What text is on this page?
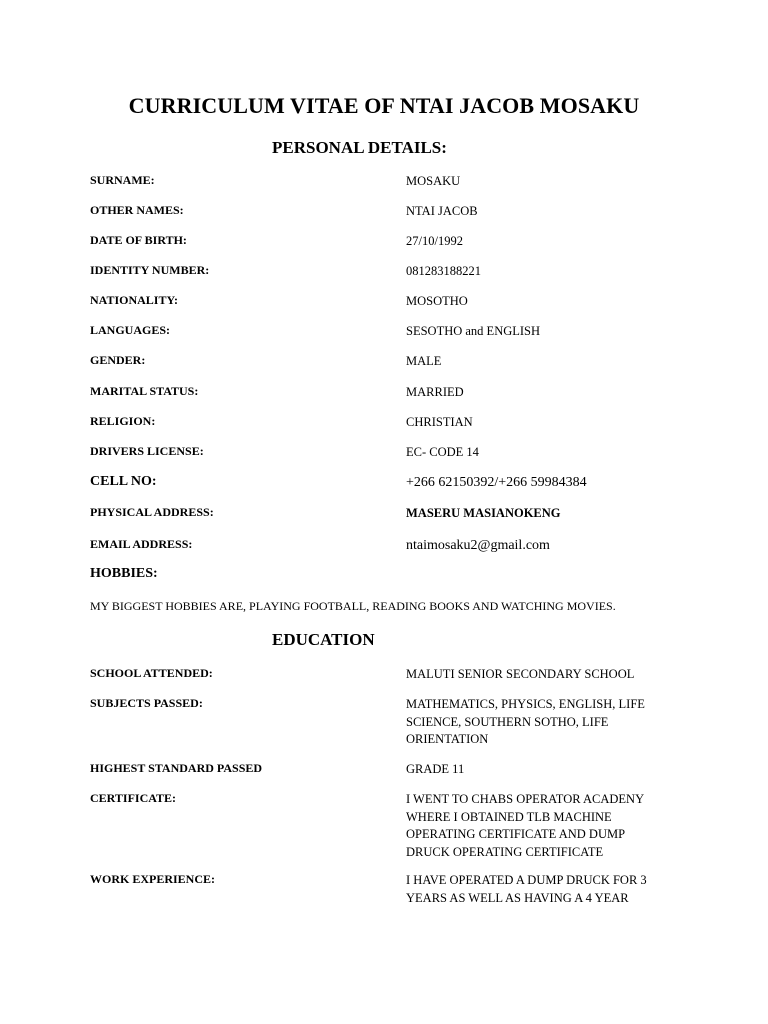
CURRICULUM VITAE OF NTAI JACOB MOSAKU
PERSONAL DETAILS:
SURNAME:	MOSAKU
OTHER NAMES:	NTAI JACOB
DATE OF BIRTH:	27/10/1992
IDENTITY NUMBER:	081283188221
NATIONALITY:	MOSOTHO
LANGUAGES:	SESOTHO and ENGLISH
GENDER:	MALE
MARITAL STATUS:	MARRIED
RELIGION:	CHRISTIAN
DRIVERS LICENSE:	EC- CODE 14
CELL NO:	+266 62150392/+266 59984384
PHYSICAL ADDRESS:	MASERU MASIANOKENG
EMAIL ADDRESS:	ntaimosaku2@gmail.com
HOBBIES:
MY BIGGEST HOBBIES ARE, PLAYING FOOTBALL, READING BOOKS AND WATCHING MOVIES.
EDUCATION
SCHOOL ATTENDED:	MALUTI SENIOR SECONDARY SCHOOL
SUBJECTS PASSED:	MATHEMATICS, PHYSICS, ENGLISH, LIFE SCIENCE, SOUTHERN SOTHO, LIFE ORIENTATION
HIGHEST STANDARD PASSED	GRADE 11
CERTIFICATE:	I WENT TO CHABS OPERATOR ACADENY WHERE I OBTAINED TLB MACHINE OPERATING CERTIFICATE AND DUMP DRUCK OPERATING CERTIFICATE
WORK EXPERIENCE:	I HAVE OPERATED A DUMP DRUCK FOR 3 YEARS AS WELL AS HAVING A 4 YEAR
